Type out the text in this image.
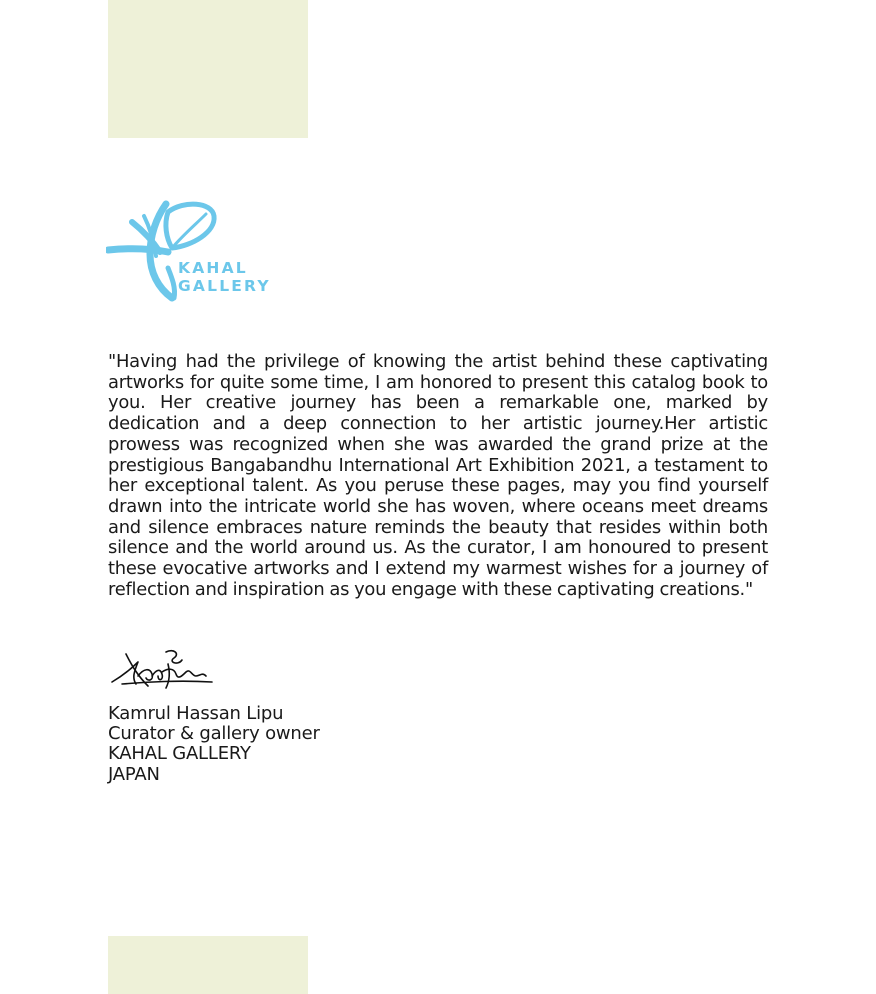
KAHAL
GALLERY

"Having had the privilege of knowing the artist behind these captivating artworks for quite some time, I am honored to present this catalog book to you. Her creative journey has been a remarkable one, marked by dedication and a deep connection to her artistic journey.Her artistic prowess was recognized when she was awarded the grand prize at the prestigious Bangabandhu International Art Exhibition 2021, a testament to her exceptional talent. As you peruse these pages, may you find yourself drawn into the intricate world she has woven, where oceans meet dreams and silence embraces nature reminds the beauty that resides within both silence and the world around us. As the curator, I am honoured to present these evocative artworks and I extend my warmest wishes for a journey of reflection and inspiration as you engage with these captivating creations."

Kamrul Hassan Lipu
Curator & gallery owner
KAHAL GALLERY
JAPAN
